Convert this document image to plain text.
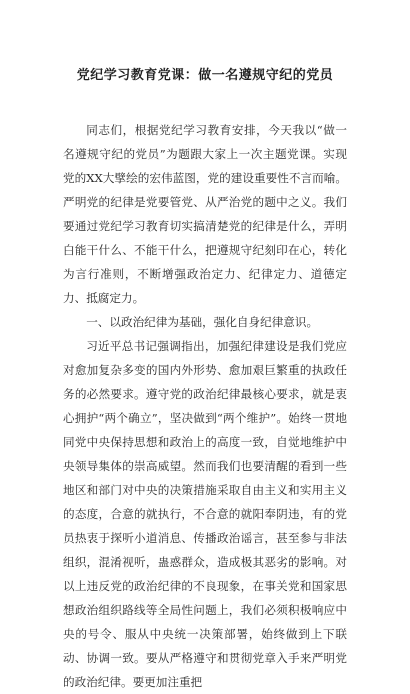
党纪学习教育党课：做一名遵规守纪的党员

同志们，根据党纪学习教育安排，今天我以“做一名遵规守纪的党员”为题跟大家上一次主题党课。实现党的XX大擘绘的宏伟蓝图，党的建设重要性不言而喻。严明党的纪律是党要管党、从严治党的题中之义。我们要通过党纪学习教育切实搞清楚党的纪律是什么，弄明白能干什么、不能干什么，把遵规守纪刻印在心，转化为言行准则，不断增强政治定力、纪律定力、道德定力、抵腐定力。

一、以政治纪律为基础，强化自身纪律意识。

习近平总书记强调指出，加强纪律建设是我们党应对愈加复杂多变的国内外形势、愈加艰巨繁重的执政任务的必然要求。遵守党的政治纪律最核心要求，就是衷心拥护“两个确立”，坚决做到“两个维护”。始终一贯地同党中央保持思想和政治上的高度一致，自觉地维护中央领导集体的崇高威望。然而我们也要清醒的看到一些地区和部门对中央的决策措施采取自由主义和实用主义的态度，合意的就执行，不合意的就阳奉阴违，有的党员热衷于探听小道消息、传播政治谣言，甚至参与非法组织，混淆视听，蛊惑群众，造成极其恶劣的影响。对以上违反党的政治纪律的不良现象，在事关党和国家思想政治组织路线等全局性问题上，我们必须积极响应中央的号令、服从中央统一决策部署，始终做到上下联动、协调一致。要从严格遵守和贯彻党章入手来严明党的政治纪律。要更加注重把
